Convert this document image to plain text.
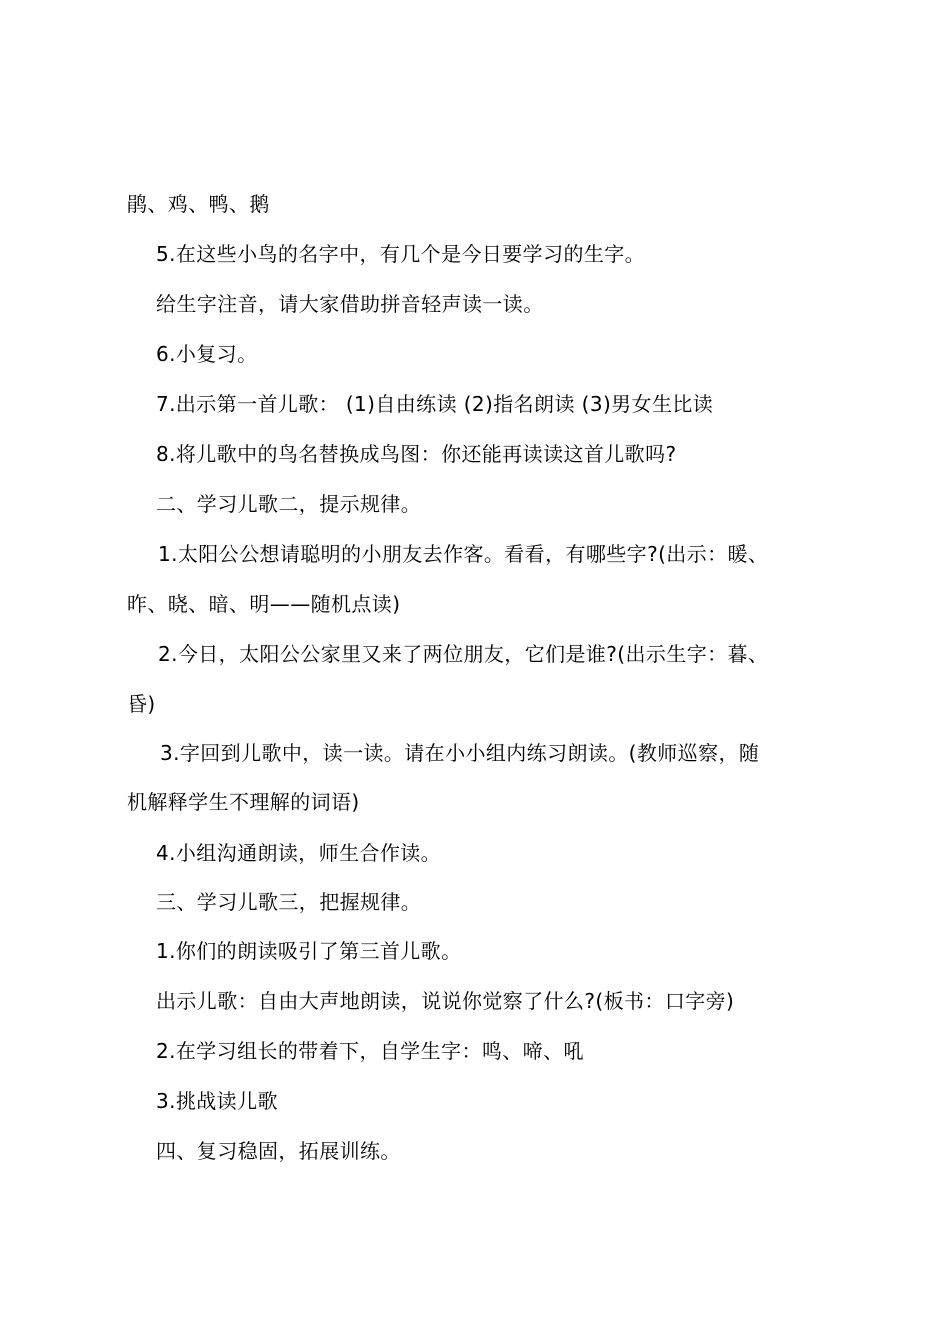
鹃、鸡、鸭、鹅
5.在这些小鸟的名字中，有几个是今日要学习的生字。
给生字注音，请大家借助拼音轻声读一读。
6.小复习。
7.出示第一首儿歌： (1)自由练读 (2)指名朗读 (3)男女生比读
8.将儿歌中的鸟名替换成鸟图：你还能再读读这首儿歌吗?
二、学习儿歌二，提示规律。
1.太阳公公想请聪明的小朋友去作客。看看，有哪些字?(出示：暖、
昨、晓、暗、明——随机点读)
2.今日，太阳公公家里又来了两位朋友，它们是谁?(出示生字：暮、
昏)
3.字回到儿歌中，读一读。请在小小组内练习朗读。(教师巡察，随
机解释学生不理解的词语)
4.小组沟通朗读，师生合作读。
三、学习儿歌三，把握规律。
1.你们的朗读吸引了第三首儿歌。
出示儿歌：自由大声地朗读，说说你觉察了什么?(板书：口字旁)
2.在学习组长的带着下，自学生字：鸣、啼、吼
3.挑战读儿歌
四、复习稳固，拓展训练。
